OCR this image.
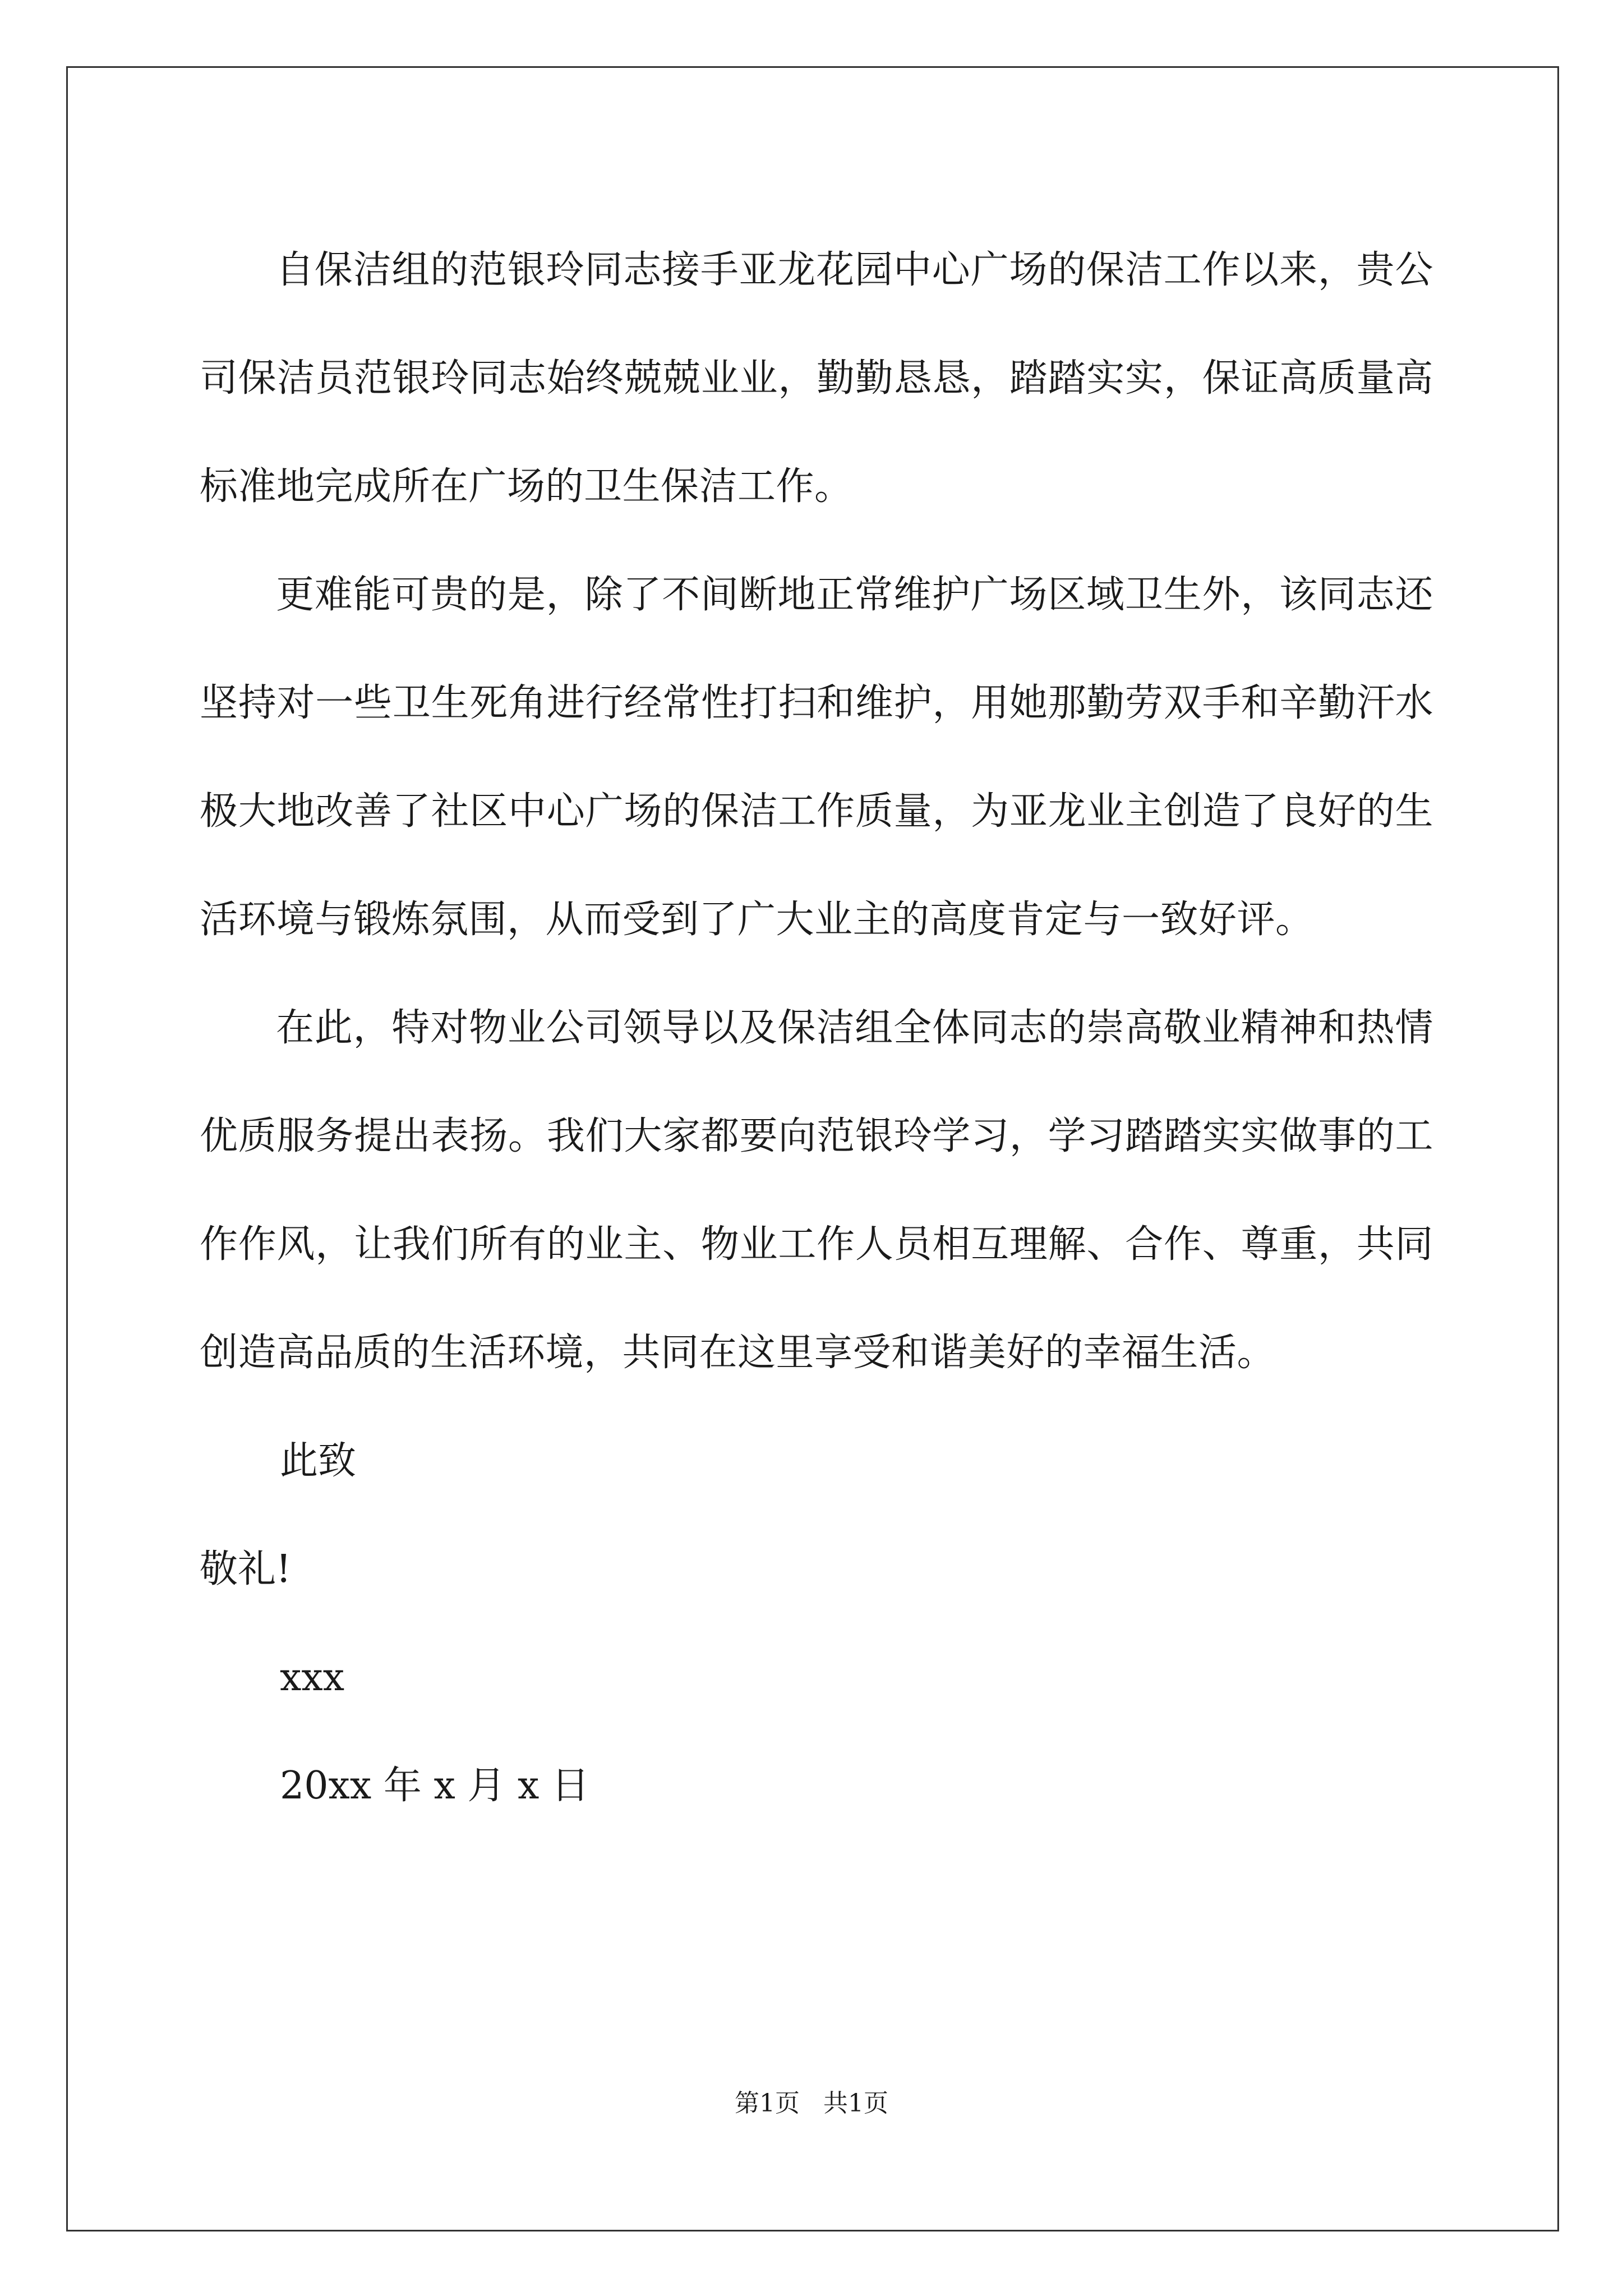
自保洁组的范银玲同志接手亚龙花园中心广场的保洁工作以来，贵公司保洁员范银玲同志始终兢兢业业，勤勤恳恳，踏踏实实，保证高质量高标准地完成所在广场的卫生保洁工作。

更难能可贵的是，除了不间断地正常维护广场区域卫生外，该同志还坚持对一些卫生死角进行经常性打扫和维护，用她那勤劳双手和辛勤汗水极大地改善了社区中心广场的保洁工作质量，为亚龙业主创造了良好的生活环境与锻炼氛围，从而受到了广大业主的高度肯定与一致好评。

在此，特对物业公司领导以及保洁组全体同志的崇高敬业精神和热情优质服务提出表扬。我们大家都要向范银玲学习，学习踏踏实实做事的工作作风，让我们所有的业主、物业工作人员相互理解、合作、尊重，共同创造高品质的生活环境，共同在这里享受和谐美好的幸福生活。

此致

敬礼!

xxx

20xx 年 x 月 x 日

第1页 共1页
